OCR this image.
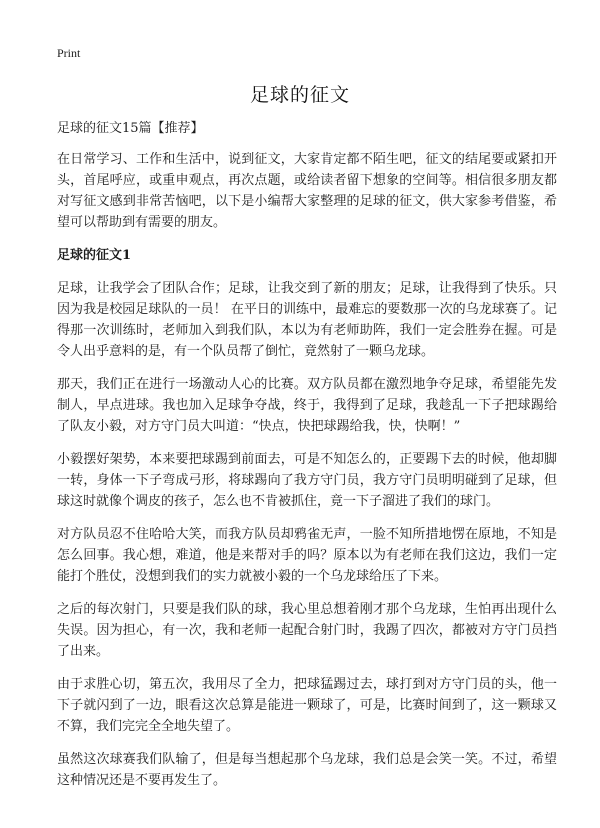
Print
足球的征文
足球的征文15篇【推荐】

在日常学习、工作和生活中，说到征文，大家肯定都不陌生吧，征文的结尾要或紧扣开头，首尾呼应，或重申观点，再次点题，或给读者留下想象的空间等。相信很多朋友都对写征文感到非常苦恼吧，以下是小编帮大家整理的足球的征文，供大家参考借鉴，希望可以帮助到有需要的朋友。

足球的征文1

足球，让我学会了团队合作；足球，让我交到了新的朋友；足球，让我得到了快乐。只因为我是校园足球队的一员！ 在平日的训练中，最难忘的要数那一次的乌龙球赛了。记得那一次训练时，老师加入到我们队，本以为有老师助阵，我们一定会胜券在握。可是令人出乎意料的是，有一个队员帮了倒忙，竟然射了一颗乌龙球。

那天，我们正在进行一场激动人心的比赛。双方队员都在激烈地争夺足球，希望能先发制人，早点进球。我也加入足球争夺战，终于，我得到了足球，我趁乱一下子把球踢给了队友小毅，对方守门员大叫道：“快点，快把球踢给我，快，快啊！”

小毅摆好架势，本来要把球踢到前面去，可是不知怎么的，正要踢下去的时候，他却脚一转，身体一下子弯成弓形，将球踢向了我方守门员，我方守门员明明碰到了足球，但球这时就像个调皮的孩子，怎么也不肯被抓住，竟一下子溜进了我们的球门。

对方队员忍不住哈哈大笑，而我方队员却鸦雀无声，一脸不知所措地愣在原地，不知是怎么回事。我心想，难道，他是来帮对手的吗？原本以为有老师在我们这边，我们一定能打个胜仗，没想到我们的实力就被小毅的一个乌龙球给压了下来。

之后的每次射门，只要是我们队的球，我心里总想着刚才那个乌龙球，生怕再出现什么失误。因为担心，有一次，我和老师一起配合射门时，我踢了四次，都被对方守门员挡了出来。

由于求胜心切，第五次，我用尽了全力，把球猛踢过去，球打到对方守门员的头，他一下子就闪到了一边，眼看这次总算是能进一颗球了，可是，比赛时间到了，这一颗球又不算，我们完完全全地失望了。

虽然这次球赛我们队输了，但是每当想起那个乌龙球，我们总是会笑一笑。不过，希望这种情况还是不要再发生了。
